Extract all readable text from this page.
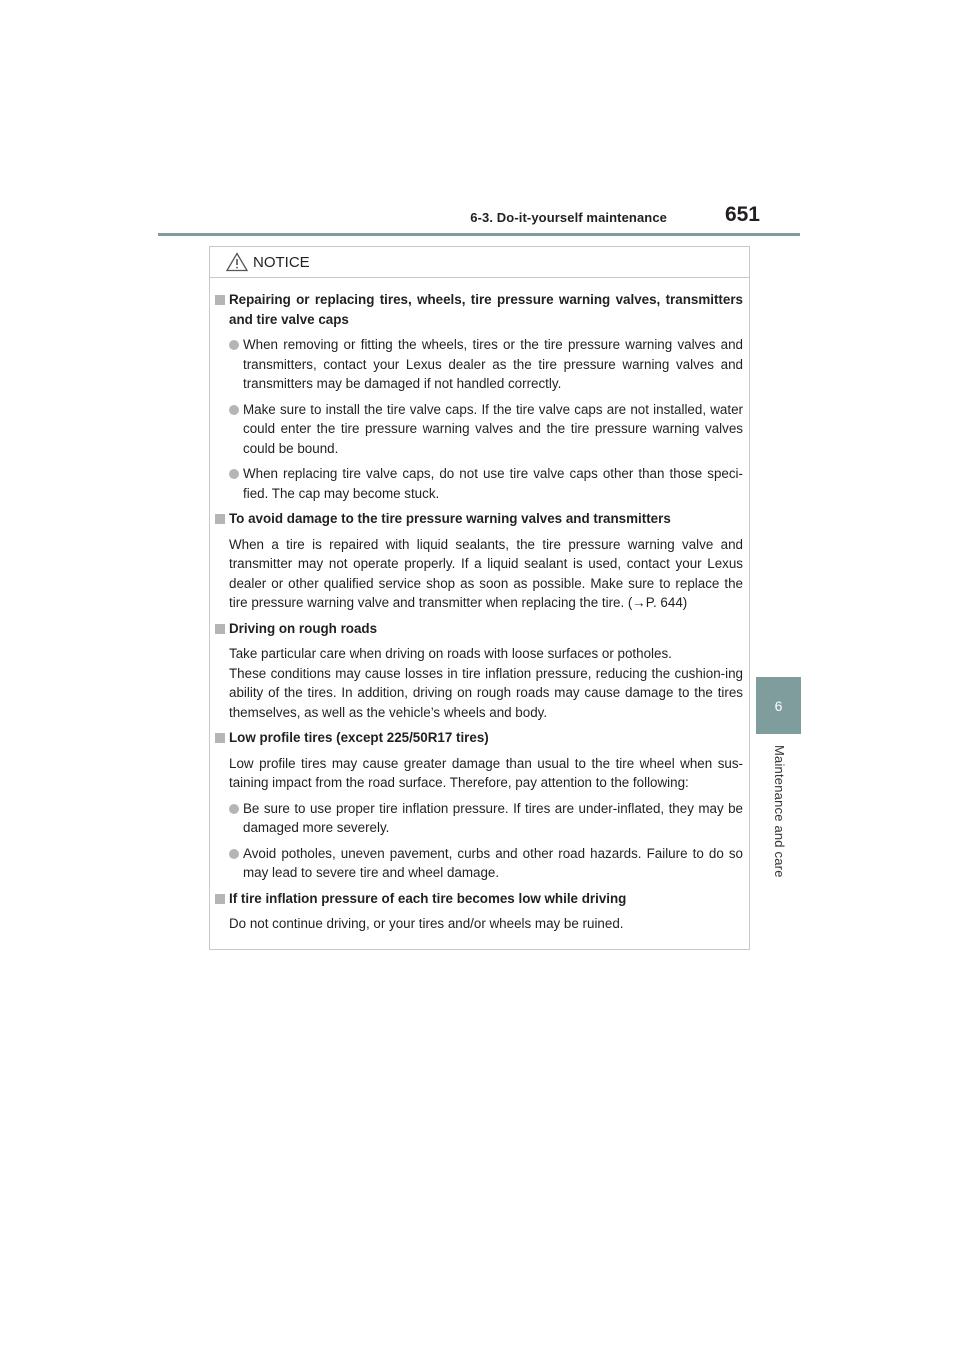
6-3. Do-it-yourself maintenance	651
6
Maintenance and care
NOTICE
Repairing or replacing tires, wheels, tire pressure warning valves, transmitters and tire valve caps
When removing or fitting the wheels, tires or the tire pressure warning valves and transmitters, contact your Lexus dealer as the tire pressure warning valves and transmitters may be damaged if not handled correctly.
Make sure to install the tire valve caps. If the tire valve caps are not installed, water could enter the tire pressure warning valves and the tire pressure warning valves could be bound.
When replacing tire valve caps, do not use tire valve caps other than those speci-fied. The cap may become stuck.
To avoid damage to the tire pressure warning valves and transmitters
When a tire is repaired with liquid sealants, the tire pressure warning valve and transmitter may not operate properly. If a liquid sealant is used, contact your Lexus dealer or other qualified service shop as soon as possible. Make sure to replace the tire pressure warning valve and transmitter when replacing the tire. (→P. 644)
Driving on rough roads
Take particular care when driving on roads with loose surfaces or potholes.
These conditions may cause losses in tire inflation pressure, reducing the cushion-ing ability of the tires. In addition, driving on rough roads may cause damage to the tires themselves, as well as the vehicle’s wheels and body.
Low profile tires (except 225/50R17 tires)
Low profile tires may cause greater damage than usual to the tire wheel when sus-taining impact from the road surface. Therefore, pay attention to the following:
Be sure to use proper tire inflation pressure. If tires are under-inflated, they may be damaged more severely.
Avoid potholes, uneven pavement, curbs and other road hazards. Failure to do so may lead to severe tire and wheel damage.
If tire inflation pressure of each tire becomes low while driving
Do not continue driving, or your tires and/or wheels may be ruined.
